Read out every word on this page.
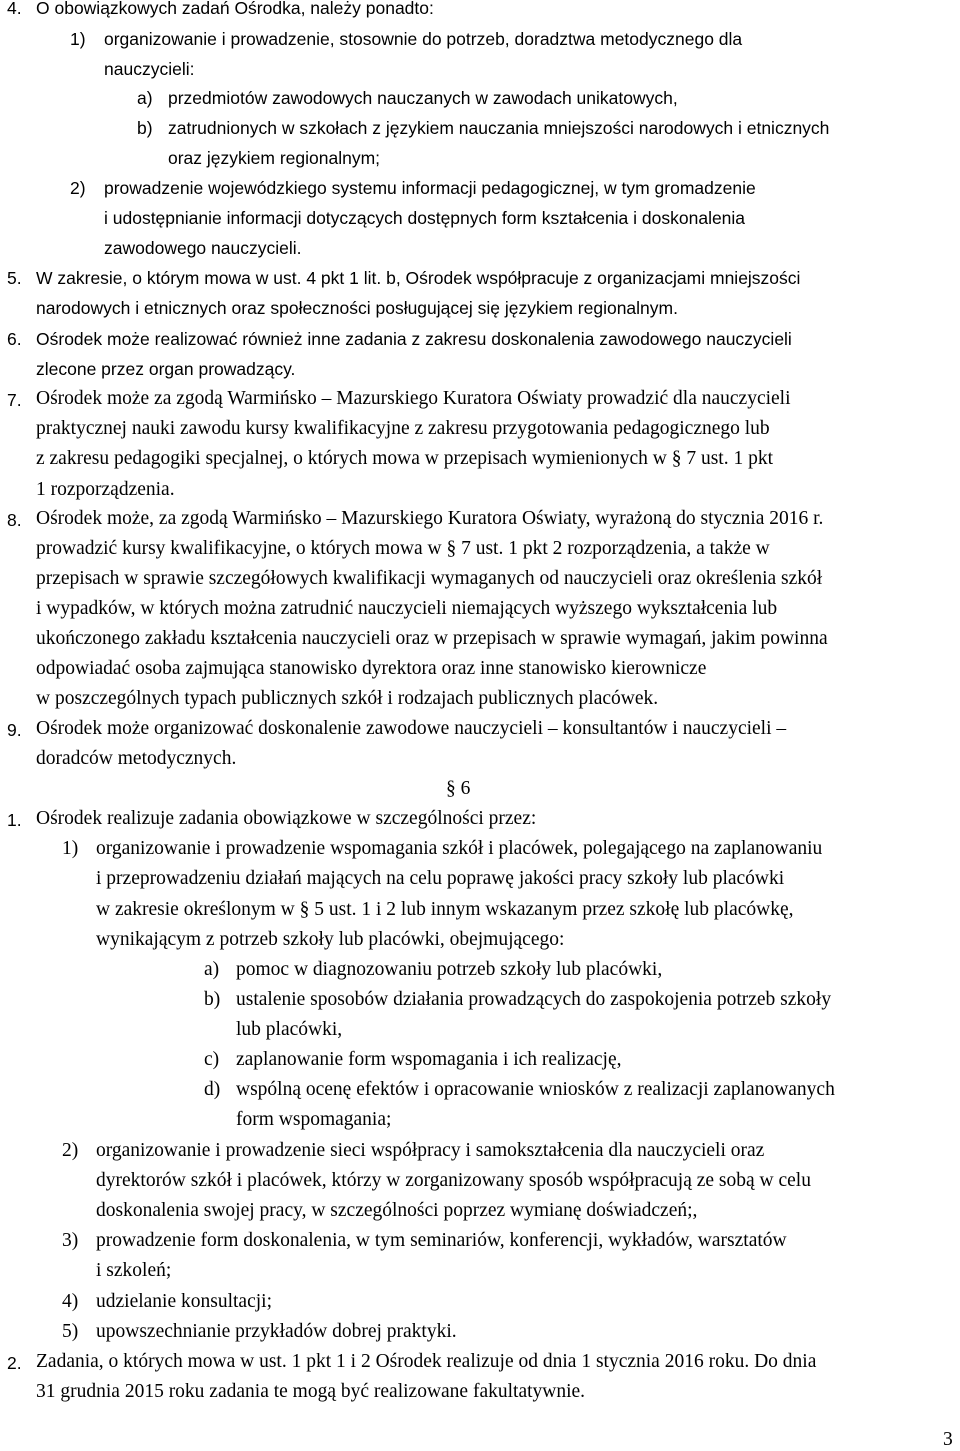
4. O obowiązkowych zadań Ośrodka, należy ponadto:
1) organizowanie i prowadzenie, stosownie do potrzeb, doradztwa metodycznego dla
nauczycieli:
a) przedmiotów zawodowych nauczanych w zawodach unikatowych,
b) zatrudnionych w szkołach z językiem nauczania mniejszości narodowych i etnicznych
oraz językiem regionalnym;
2) prowadzenie wojewódzkiego systemu informacji pedagogicznej, w tym gromadzenie
i udostępnianie informacji dotyczących dostępnych form kształcenia i doskonalenia
zawodowego nauczycieli.
5. W zakresie, o którym mowa w ust. 4 pkt 1 lit. b, Ośrodek współpracuje z organizacjami mniejszości
narodowych i etnicznych oraz społeczności posługującej się językiem regionalnym.
6. Ośrodek może realizować również inne zadania z zakresu doskonalenia zawodowego nauczycieli
zlecone przez organ prowadzący.
7. Ośrodek może za zgodą Warmińsko – Mazurskiego Kuratora Oświaty prowadzić dla nauczycieli
praktycznej nauki zawodu kursy kwalifikacyjne z zakresu przygotowania pedagogicznego lub
z zakresu pedagogiki specjalnej, o których mowa w przepisach wymienionych w § 7 ust. 1 pkt
1 rozporządzenia.
8. Ośrodek może, za zgodą Warmińsko – Mazurskiego Kuratora Oświaty, wyrażoną do stycznia 2016 r.
prowadzić kursy kwalifikacyjne, o których mowa w § 7 ust. 1 pkt 2 rozporządzenia, a także w
przepisach w sprawie szczegółowych kwalifikacji wymaganych od nauczycieli oraz określenia szkół
i wypadków, w których można zatrudnić nauczycieli niemających wyższego wykształcenia lub
ukończonego zakładu kształcenia nauczycieli oraz w przepisach w sprawie wymagań, jakim powinna
odpowiadać osoba zajmująca stanowisko dyrektora oraz inne stanowisko kierownicze
w poszczególnych typach publicznych szkół i rodzajach publicznych placówek.
9. Ośrodek może organizować doskonalenie zawodowe nauczycieli – konsultantów i nauczycieli –
doradców metodycznych.
§ 6
1. Ośrodek realizuje zadania obowiązkowe w szczególności przez:
1) organizowanie i prowadzenie wspomagania szkół i placówek, polegającego na zaplanowaniu
i przeprowadzeniu działań mających na celu poprawę jakości pracy szkoły lub placówki
w zakresie określonym w § 5 ust. 1 i 2 lub innym wskazanym przez szkołę lub placówkę,
wynikającym z potrzeb szkoły lub placówki, obejmującego:
a) pomoc w diagnozowaniu potrzeb szkoły lub placówki,
b) ustalenie sposobów działania prowadzących do zaspokojenia potrzeb szkoły
lub placówki,
c) zaplanowanie form wspomagania i ich realizację,
d) wspólną ocenę efektów i opracowanie wniosków z realizacji zaplanowanych
form wspomagania;
2) organizowanie i prowadzenie sieci współpracy i samokształcenia dla nauczycieli oraz
dyrektorów szkół i placówek, którzy w zorganizowany sposób współpracują ze sobą w celu
doskonalenia swojej pracy, w szczególności poprzez wymianę doświadczeń;,
3) prowadzenie form doskonalenia, w tym seminariów, konferencji, wykładów, warsztatów
i szkoleń;
4) udzielanie konsultacji;
5) upowszechnianie przykładów dobrej praktyki.
2. Zadania, o których mowa w ust. 1 pkt 1 i 2 Ośrodek realizuje od dnia 1 stycznia 2016 roku. Do dnia
31 grudnia 2015 roku zadania te mogą być realizowane fakultatywnie.
3
